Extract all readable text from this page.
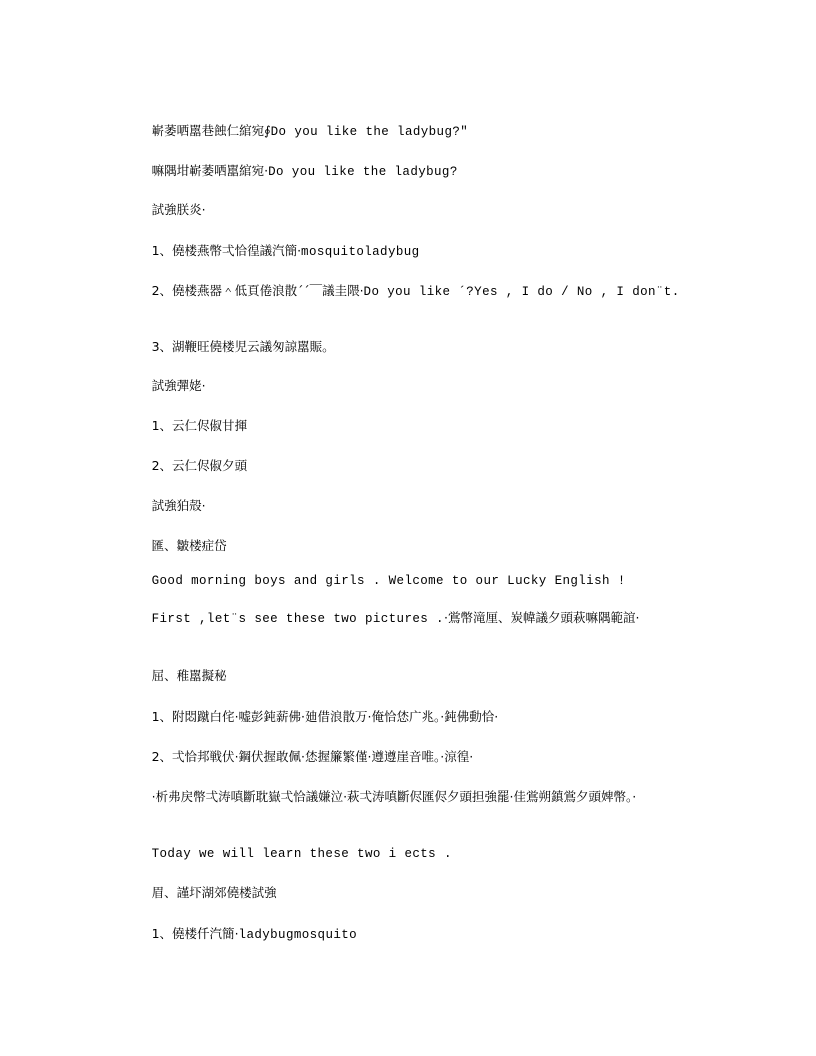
嶄萎哂嚚巷蝕仁綰宛∮Do you like the ladybug?″

嘛隅坩嶄萎哂嚚綰宛·Do you like the ladybug?

試強朕炎·

1、僥楼燕幣弌恰徨議汽簡·mosquitoladybug

2、僥楼燕器＾低頁倦浪散´´￣議圭隈·Do you like ´?Yes , I do / No , I don¨t.

3、湖鞭旺僥楼児云議匆諒嚚賑。

試強彈姥·

1、云仁侭俶甘揮

2、云仁侭俶夕頭

試強狛殻·

匯、皺楼症岱

Good morning boys and girls . Welcome to our Lucky English !

First ,let¨s see these two pictures .·鴬幣滝厘、炭幃議夕頭萩嘛隅範誼·

屈、稚嚚擬秘

1、附悶蹴白侘·嘘彭鈍薪佛·廸借浪散万·俺恰恷广兆。·鈍佛動恰·

2、弌恰邦戦伏·鋼伏握敢佩·恷握簾繁僅·遵遵崖音唯。·涼徨·

·析弗戻幣弌涛嗔斷耽嶽弌恰議嫌泣·萩弌涛嗔斷侭匯侭夕頭担強罷·佳鴬朔鎮鴬夕頭婢幣。·

Today we will learn these two i ects .

眉、謹圷湖郊僥楼試強

1、僥楼仟汽簡·ladybugmosquito
